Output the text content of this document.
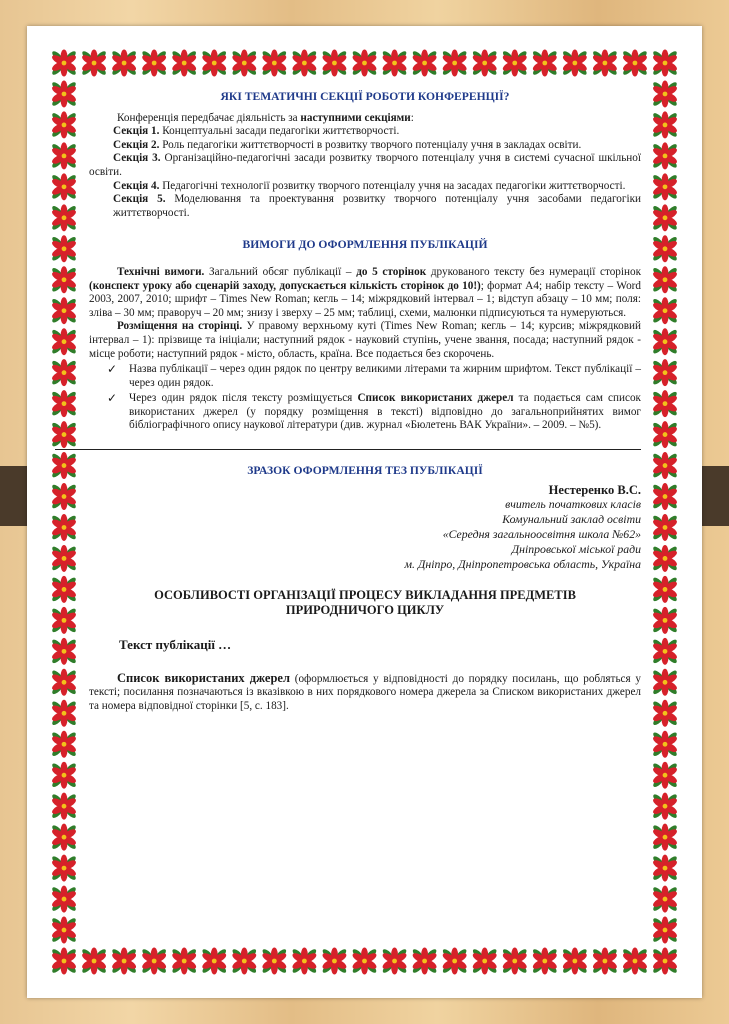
ЯКІ ТЕМАТИЧНІ СЕКЦІЇ РОБОТИ КОНФЕРЕНЦІЇ?

Конференція передбачає діяльність за наступними секціями:

Секція 1. Концептуальні засади педагогіки життєтворчості.

Секція 2. Роль педагогіки життєтворчості в розвитку творчого потенціалу учня в закладах освіти.

Секція 3. Організаційно-педагогічні засади розвитку творчого потенціалу учня в системі сучасної шкільної освіти.

Секція 4. Педагогічні технології розвитку творчого потенціалу учня на засадах педагогіки життєтворчості.

Секція 5. Моделювання та проектування розвитку творчого потенціалу учня засобами педагогіки життєтворчості.

ВИМОГИ ДО ОФОРМЛЕННЯ ПУБЛІКАЦІЙ

Технічні вимоги. Загальний обсяг публікації – до 5 сторінок друкованого тексту без нумерації сторінок (конспект уроку або сценарій заходу, допускається кількість сторінок до 10!); формат А4; набір тексту – Word 2003, 2007, 2010; шрифт – Times New Roman; кегль – 14; міжрядковий інтервал – 1; відступ абзацу – 10 мм; поля: зліва – 30 мм; праворуч – 20 мм; знизу і зверху – 25 мм; таблиці, схеми, малюнки підписуються та нумеруються.

Розміщення на сторінці. У правому верхньому куті (Times New Roman; кегль – 14; курсив; міжрядковий інтервал – 1): прізвище та ініціали; наступний рядок - науковий ступінь, учене звання, посада; наступний рядок - місце роботи; наступний рядок - місто, область, країна. Все подається без скорочень.

✓ Назва публікації – через один рядок по центру великими літерами та жирним шрифтом. Текст публікації – через один рядок.
✓ Через один рядок після тексту розміщується Список використаних джерел та подається сам список використаних джерел (у порядку розміщення в тексті) відповідно до загальноприйнятих вимог бібліографічного опису наукової літератури (див. журнал «Бюлетень ВАК України». – 2009. – №5).
ЗРАЗОК ОФОРМЛЕННЯ ТЕЗ ПУБЛІКАЦІЇ
Нестеренко В.С.
вчитель початкових класів
Комунальний заклад освіти
«Середня загальноосвітня школа №62»
Дніпровської міської ради
м. Дніпро, Дніпропетровська область, Україна
ОСОБЛИВОСТІ ОРГАНІЗАЦІЇ ПРОЦЕСУ ВИКЛАДАННЯ ПРЕДМЕТІВ
ПРИРОДНИЧОГО ЦИКЛУ
Текст публікації …

Список використаних джерел (оформлюється у відповідності до порядку посилань, що робляться у тексті; посилання позначаються із вказівкою в них порядкового номера джерела за Списком використаних джерел та номера відповідної сторінки [5, с. 183].
